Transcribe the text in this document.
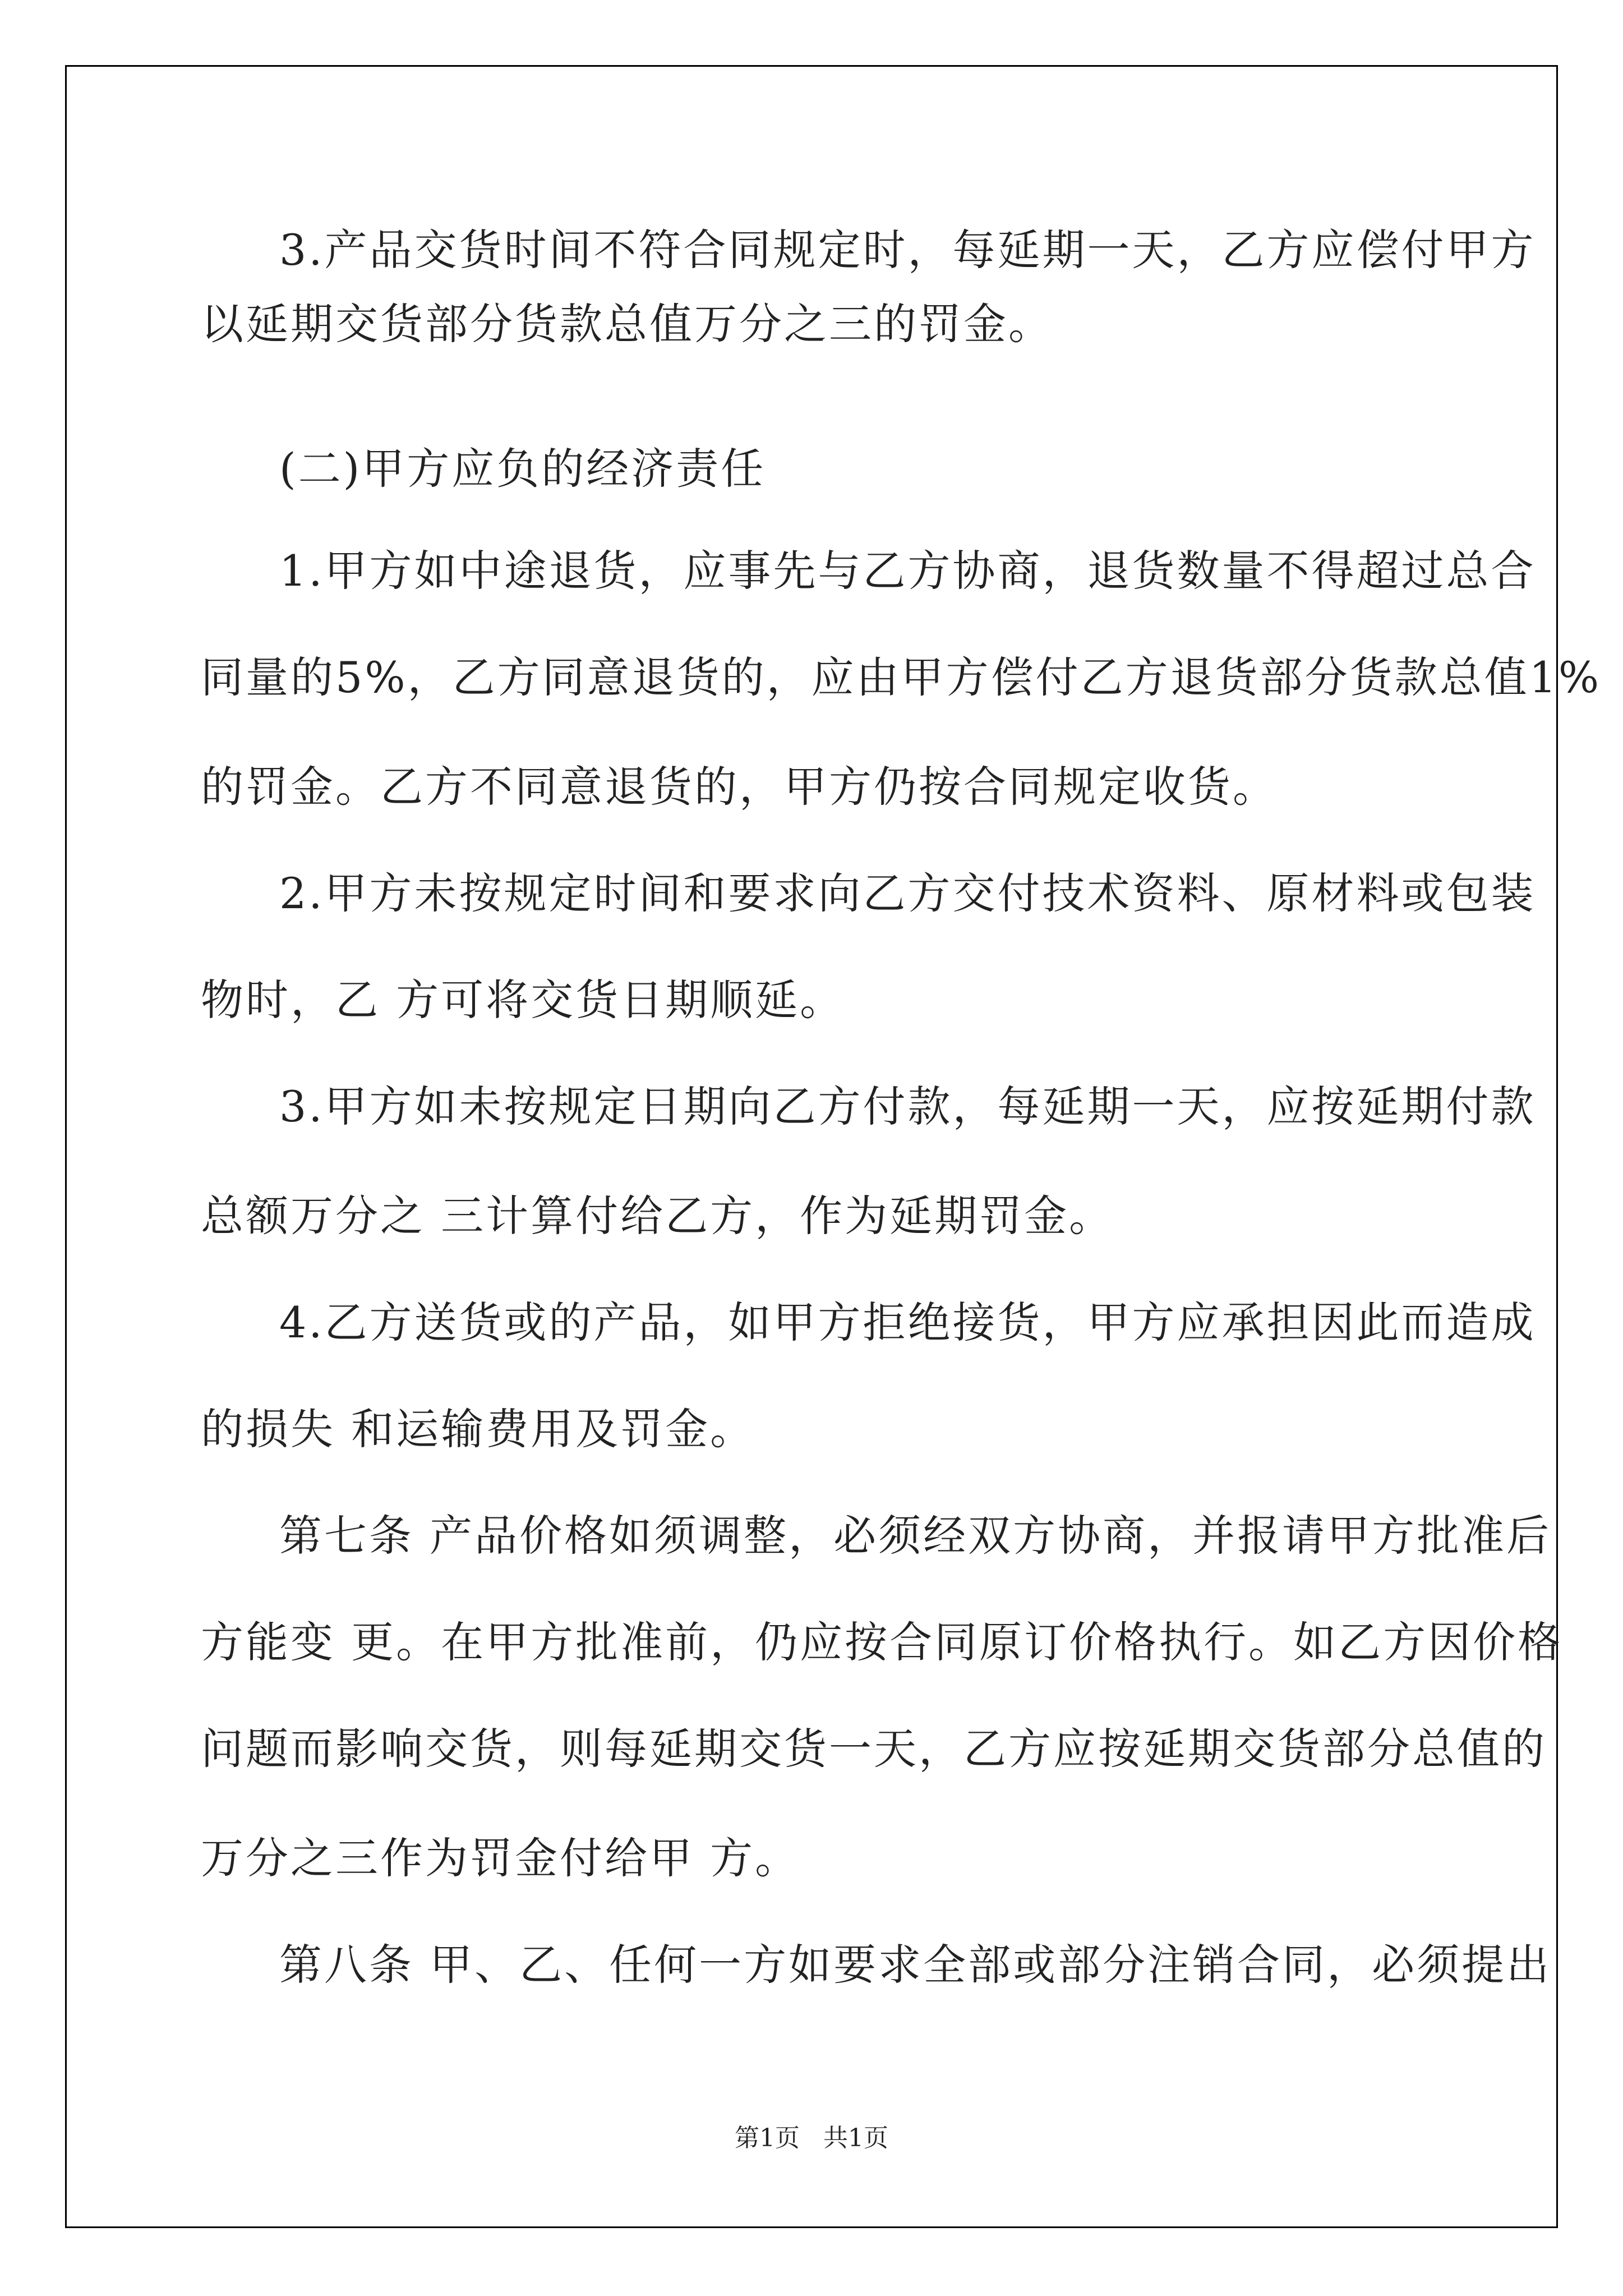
3.产品交货时间不符合同规定时，每延期一天，乙方应偿付甲方

以延期交货部分货款总值万分之三的罚金。

(二)甲方应负的经济责任

1.甲方如中途退货，应事先与乙方协商，退货数量不得超过总合

同量的5%，乙方同意退货的，应由甲方偿付乙方退货部分货款总值1%

的罚金。乙方不同意退货的，甲方仍按合同规定收货。

2.甲方未按规定时间和要求向乙方交付技术资料、原材料或包装

物时，乙 方可将交货日期顺延。

3.甲方如未按规定日期向乙方付款，每延期一天，应按延期付款

总额万分之 三计算付给乙方，作为延期罚金。

4.乙方送货或的产品，如甲方拒绝接货，甲方应承担因此而造成

的损失 和运输费用及罚金。

第七条 产品价格如须调整，必须经双方协商，并报请甲方批准后

方能变 更。在甲方批准前，仍应按合同原订价格执行。如乙方因价格

问题而影响交货，则每延期交货一天，乙方应按延期交货部分总值的

万分之三作为罚金付给甲 方。

第八条 甲、乙、任何一方如要求全部或部分注销合同，必须提出

第1页   共1页
